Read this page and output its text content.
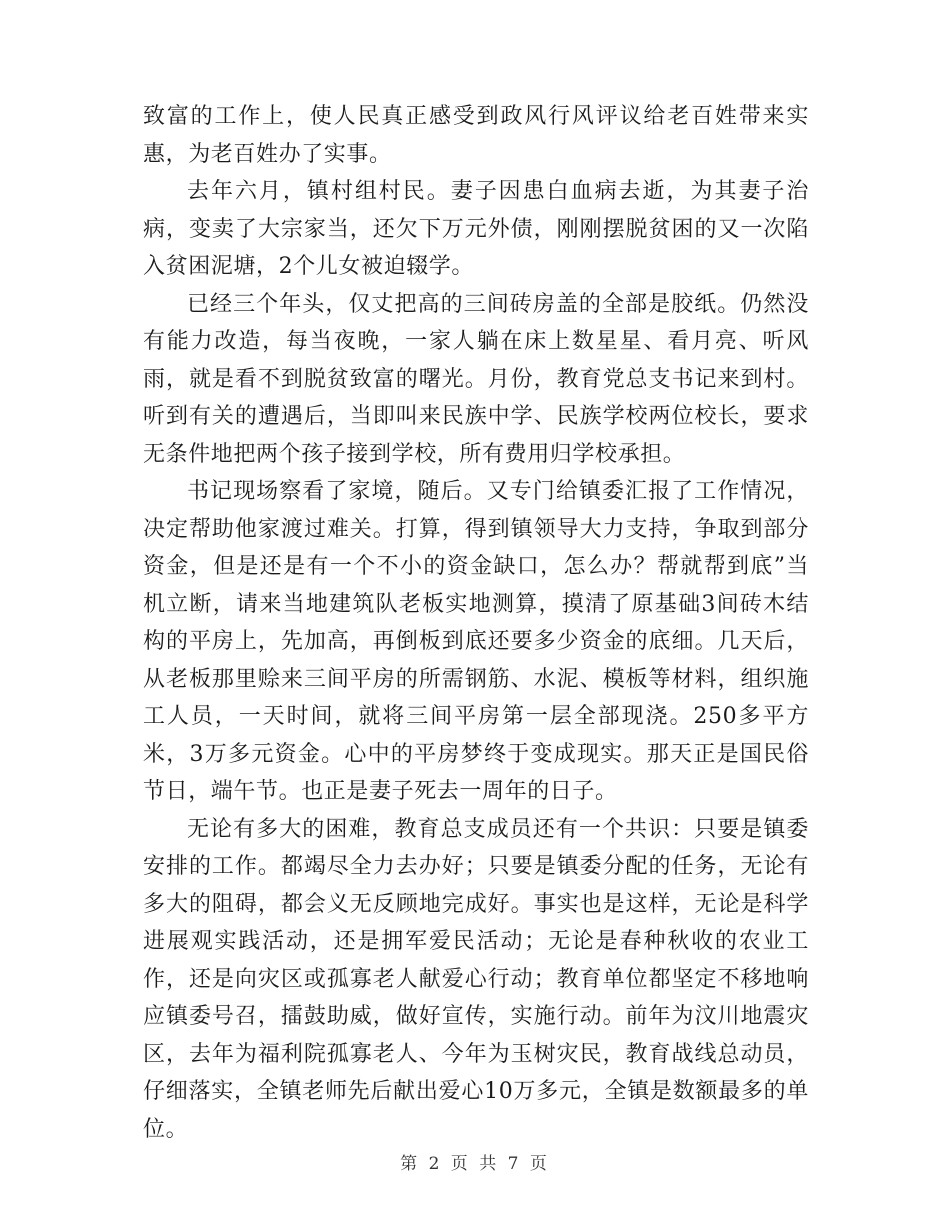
致富的工作上，使人民真正感受到政风行风评议给老百姓带来实惠，为老百姓办了实事。

去年六月，镇村组村民。妻子因患白血病去逝，为其妻子治病，变卖了大宗家当，还欠下万元外债，刚刚摆脱贫困的又一次陷入贫困泥塘，2个儿女被迫辍学。

已经三个年头，仅丈把高的三间砖房盖的全部是胶纸。仍然没有能力改造，每当夜晚，一家人躺在床上数星星、看月亮、听风雨，就是看不到脱贫致富的曙光。月份，教育党总支书记来到村。听到有关的遭遇后，当即叫来民族中学、民族学校两位校长，要求无条件地把两个孩子接到学校，所有费用归学校承担。

书记现场察看了家境，随后。又专门给镇委汇报了工作情况，决定帮助他家渡过难关。打算，得到镇领导大力支持，争取到部分资金，但是还是有一个不小的资金缺口，怎么办？帮就帮到底”当机立断，请来当地建筑队老板实地测算，摸清了原基础3间砖木结构的平房上，先加高，再倒板到底还要多少资金的底细。几天后，从老板那里赊来三间平房的所需钢筋、水泥、模板等材料，组织施工人员，一天时间，就将三间平房第一层全部现浇。250多平方米，3万多元资金。心中的平房梦终于变成现实。那天正是国民俗节日，端午节。也正是妻子死去一周年的日子。

无论有多大的困难，教育总支成员还有一个共识：只要是镇委安排的工作。都竭尽全力去办好；只要是镇委分配的任务，无论有多大的阻碍，都会义无反顾地完成好。事实也是这样，无论是科学进展观实践活动，还是拥军爱民活动；无论是春种秋收的农业工作，还是向灾区或孤寡老人献爱心行动；教育单位都坚定不移地响应镇委号召，擂鼓助威，做好宣传，实施行动。前年为汶川地震灾区，去年为福利院孤寡老人、今年为玉树灾民，教育战线总动员，仔细落实，全镇老师先后献出爱心10万多元，全镇是数额最多的单位。

第 2 页 共 7 页
